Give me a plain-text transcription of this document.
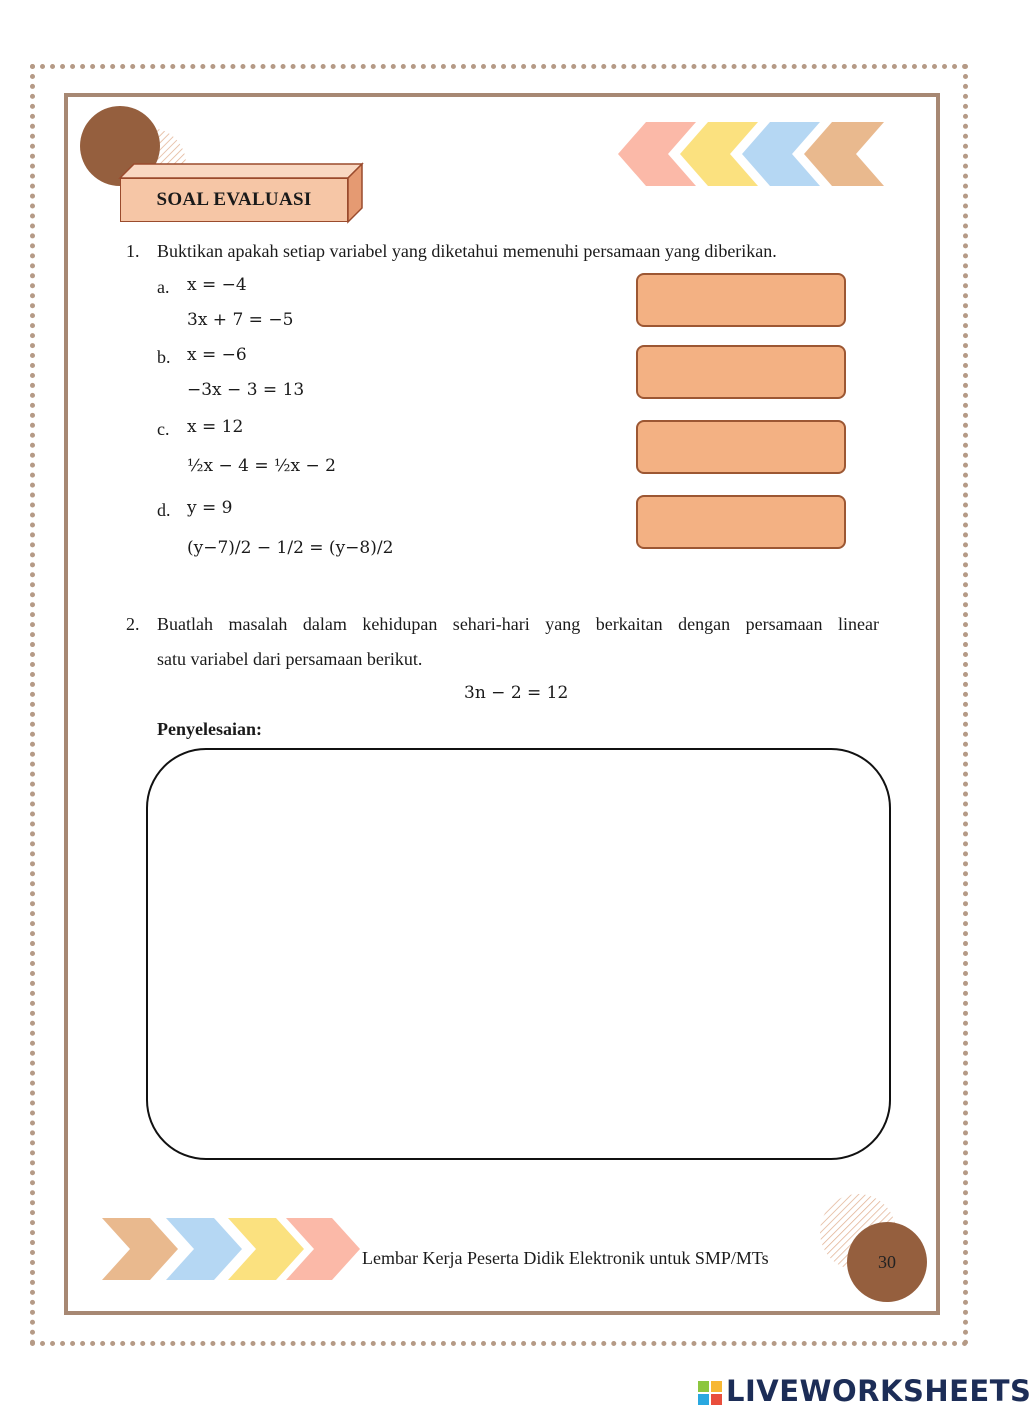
SOAL EVALUASI
1. Buktikan apakah setiap variabel yang diketahui memenuhi persamaan yang diberikan.
a. x = −4
3x + 7 = −5
b. x = −6
−3x − 3 = 13
c. x = 12
½x − 4 = ½x − 2
d. y = 9
(y−7)/2 − 1/2 = (y−8)/2
2. Buatlah masalah dalam kehidupan sehari-hari yang berkaitan dengan persamaan linear
satu variabel dari persamaan berikut.
3n − 2 = 12
Penyelesaian:
Lembar Kerja Peserta Didik Elektronik untuk SMP/MTs	30
LIVEWORKSHEETS
